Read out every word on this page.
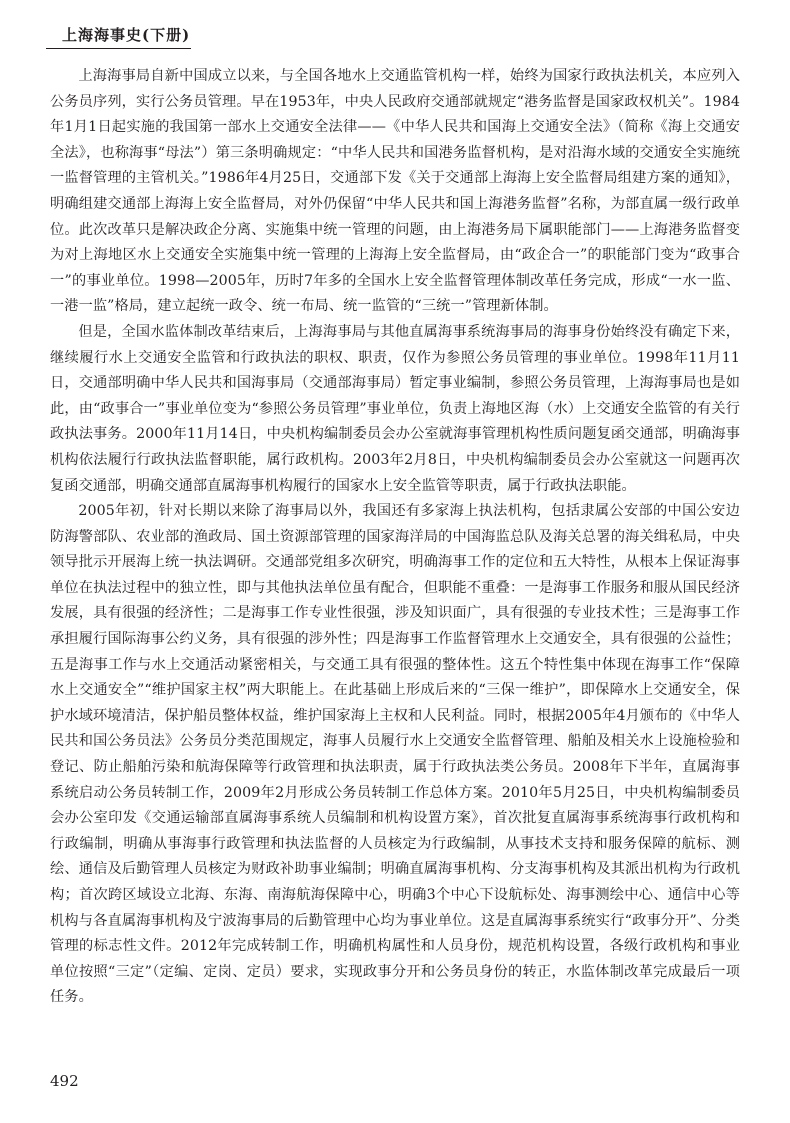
上海海事史(下册)

上海海事局自新中国成立以来，与全国各地水上交通监管机构一样，始终为国家行政执法机关，本应列入公务员序列，实行公务员管理。早在1953年，中央人民政府交通部就规定“港务监督是国家政权机关”。1984年1月1日起实施的我国第一部水上交通安全法律——《中华人民共和国海上交通安全法》（简称《海上交通安全法》，也称海事“母法”）第三条明确规定：“中华人民共和国港务监督机构，是对沿海水域的交通安全实施统一监督管理的主管机关。”1986年4月25日，交通部下发《关于交通部上海海上安全监督局组建方案的通知》，明确组建交通部上海海上安全监督局，对外仍保留“中华人民共和国上海港务监督”名称，为部直属一级行政单位。此次改革只是解决政企分离、实施集中统一管理的问题，由上海港务局下属职能部门——上海港务监督变为对上海地区水上交通安全实施集中统一管理的上海海上安全监督局，由“政企合一”的职能部门变为“政事合一”的事业单位。1998—2005年，历时7年多的全国水上安全监督管理体制改革任务完成，形成“一水一监、一港一监”格局，建立起统一政令、统一布局、统一监管的“三统一”管理新体制。

但是，全国水监体制改革结束后，上海海事局与其他直属海事系统海事局的海事身份始终没有确定下来，继续履行水上交通安全监管和行政执法的职权、职责，仅作为参照公务员管理的事业单位。1998年11月11日，交通部明确中华人民共和国海事局（交通部海事局）暂定事业编制，参照公务员管理，上海海事局也是如此，由“政事合一”事业单位变为“参照公务员管理”事业单位，负责上海地区海（水）上交通安全监管的有关行政执法事务。2000年11月14日，中央机构编制委员会办公室就海事管理机构性质问题复函交通部，明确海事机构依法履行行政执法监督职能，属行政机构。2003年2月8日，中央机构编制委员会办公室就这一问题再次复函交通部，明确交通部直属海事机构履行的国家水上安全监管等职责，属于行政执法职能。

2005年初，针对长期以来除了海事局以外，我国还有多家海上执法机构，包括隶属公安部的中国公安边防海警部队、农业部的渔政局、国土资源部管理的国家海洋局的中国海监总队及海关总署的海关缉私局，中央领导批示开展海上统一执法调研。交通部党组多次研究，明确海事工作的定位和五大特性，从根本上保证海事单位在执法过程中的独立性，即与其他执法单位虽有配合，但职能不重叠：一是海事工作服务和服从国民经济发展，具有很强的经济性；二是海事工作专业性很强，涉及知识面广，具有很强的专业技术性；三是海事工作承担履行国际海事公约义务，具有很强的涉外性；四是海事工作监督管理水上交通安全，具有很强的公益性；五是海事工作与水上交通活动紧密相关，与交通工具有很强的整体性。这五个特性集中体现在海事工作“保障水上交通安全”“维护国家主权”两大职能上。在此基础上形成后来的“三保一维护”，即保障水上交通安全，保护水域环境清洁，保护船员整体权益，维护国家海上主权和人民利益。同时，根据2005年4月颁布的《中华人民共和国公务员法》公务员分类范围规定，海事人员履行水上交通安全监督管理、船舶及相关水上设施检验和登记、防止船舶污染和航海保障等行政管理和执法职责，属于行政执法类公务员。2008年下半年，直属海事系统启动公务员转制工作，2009年2月形成公务员转制工作总体方案。2010年5月25日，中央机构编制委员会办公室印发《交通运输部直属海事系统人员编制和机构设置方案》，首次批复直属海事系统海事行政机构和行政编制，明确从事海事行政管理和执法监督的人员核定为行政编制，从事技术支持和服务保障的航标、测绘、通信及后勤管理人员核定为财政补助事业编制；明确直属海事机构、分支海事机构及其派出机构为行政机构；首次跨区域设立北海、东海、南海航海保障中心，明确3个中心下设航标处、海事测绘中心、通信中心等机构与各直属海事机构及宁波海事局的后勤管理中心均为事业单位。这是直属海事系统实行“政事分开”、分类管理的标志性文件。2012年完成转制工作，明确机构属性和人员身份，规范机构设置，各级行政机构和事业单位按照“三定”（定编、定岗、定员）要求，实现政事分开和公务员身份的转正，水监体制改革完成最后一项任务。

492
